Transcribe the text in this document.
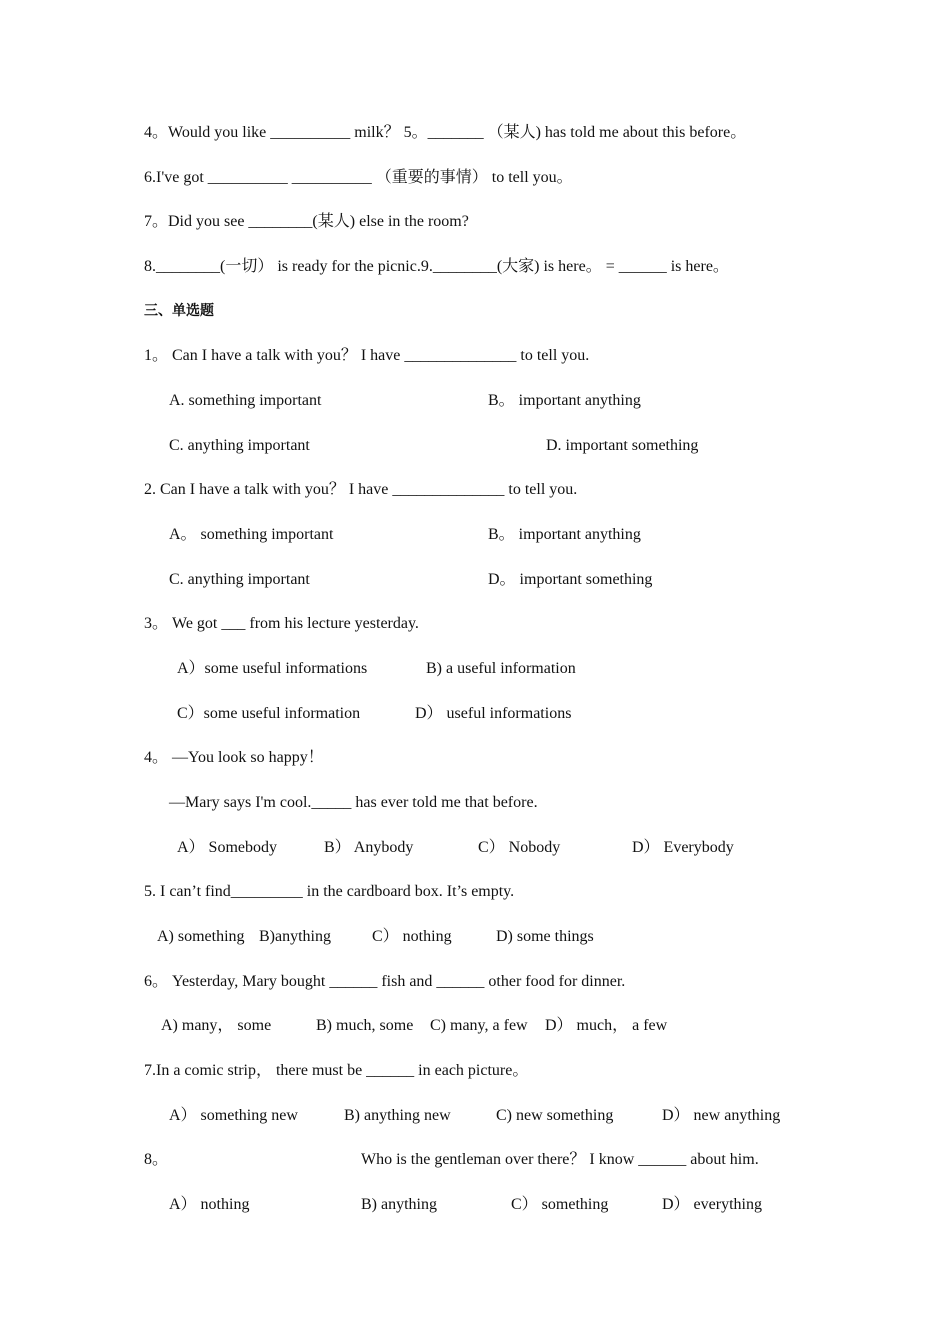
4。Would you like __________ milk？ 5。_______ （某人) has told me about this before。
6.I've got __________ __________ （重要的事情） to tell you。
7。Did you see ________(某人) else in the room?
8.________(一切） is ready for the picnic.9.________(大家) is here。 = ______ is here。
三、单选题
1。 Can I have a talk with you？ I have ______________ to tell you.
A. something important	B。 important anything
C. anything important	D. important something
2. Can I have a talk with you？ I have ______________ to tell you.
A。 something important	B。 important anything
C. anything important	D。 important something
3。 We got ___ from his lecture yesterday.
A）some useful informations	B) a useful information
C）some useful information	D） useful informations
4。 —You look so happy！
—Mary says I'm cool._____ has ever told me that before.
A） Somebody	B） Anybody	C） Nobody	D） Everybody
5. I can’t find_________ in the cardboard box. It’s empty.
A) something B)anything	C） nothing	D) some things
6。 Yesterday, Mary bought ______ fish and ______ other food for dinner.
A) many， some	B) much, some C) many, a few D） much， a few
7.In a comic strip， there must be ______ in each picture。
A） something new	B) anything new	C) new something	D） new anything
8。	Who is the gentleman over there？ I know ______ about him.
A） nothing	B) anything	C） something	D） everything
